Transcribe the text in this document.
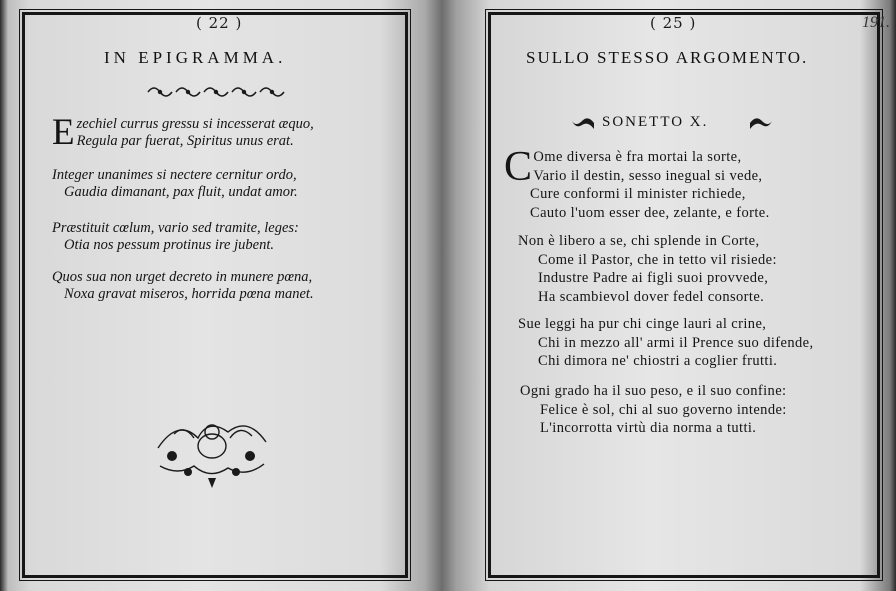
( 22 )
IN EPIGRAMMA.
E zechiel currus gressu si incesserat æquo,
Regula par fuerat, Spiritus unus erat.
Integer unanimes si nectere cernitur ordo,
Gaudia dimanant, pax fluit, undat amor.
Præstituit cœlum, vario sed tramite, leges:
Otia nos pessum protinus ire jubent.
Quos sua non urget decreto in munere pœna,
Noxa gravat miseros, horrida pœna manet.
( 25 )	191.
SULLO STESSO ARGOMENTO.
SONETTO X.
C Ome diversa è fra mortai la sorte,
Vario il destin, sesso inegual si vede,
Cure conformi il minister richiede,
Cauto l'uom esser dee, zelante, e forte.
Non è libero a se, chi splende in Corte,
Come il Pastor, che in tetto vil risiede:
Industre Padre ai figli suoi provvede,
Ha scambievol dover fedel consorte.
Sue leggi ha pur chi cinge lauri al crine,
Chi in mezzo all' armi il Prence suo difende,
Chi dimora ne' chiostri a coglier frutti.
Ogni grado ha il suo peso, e il suo confine:
Felice è sol, chi al suo governo intende:
L'incorrotta virtù dia norma a tutti.
